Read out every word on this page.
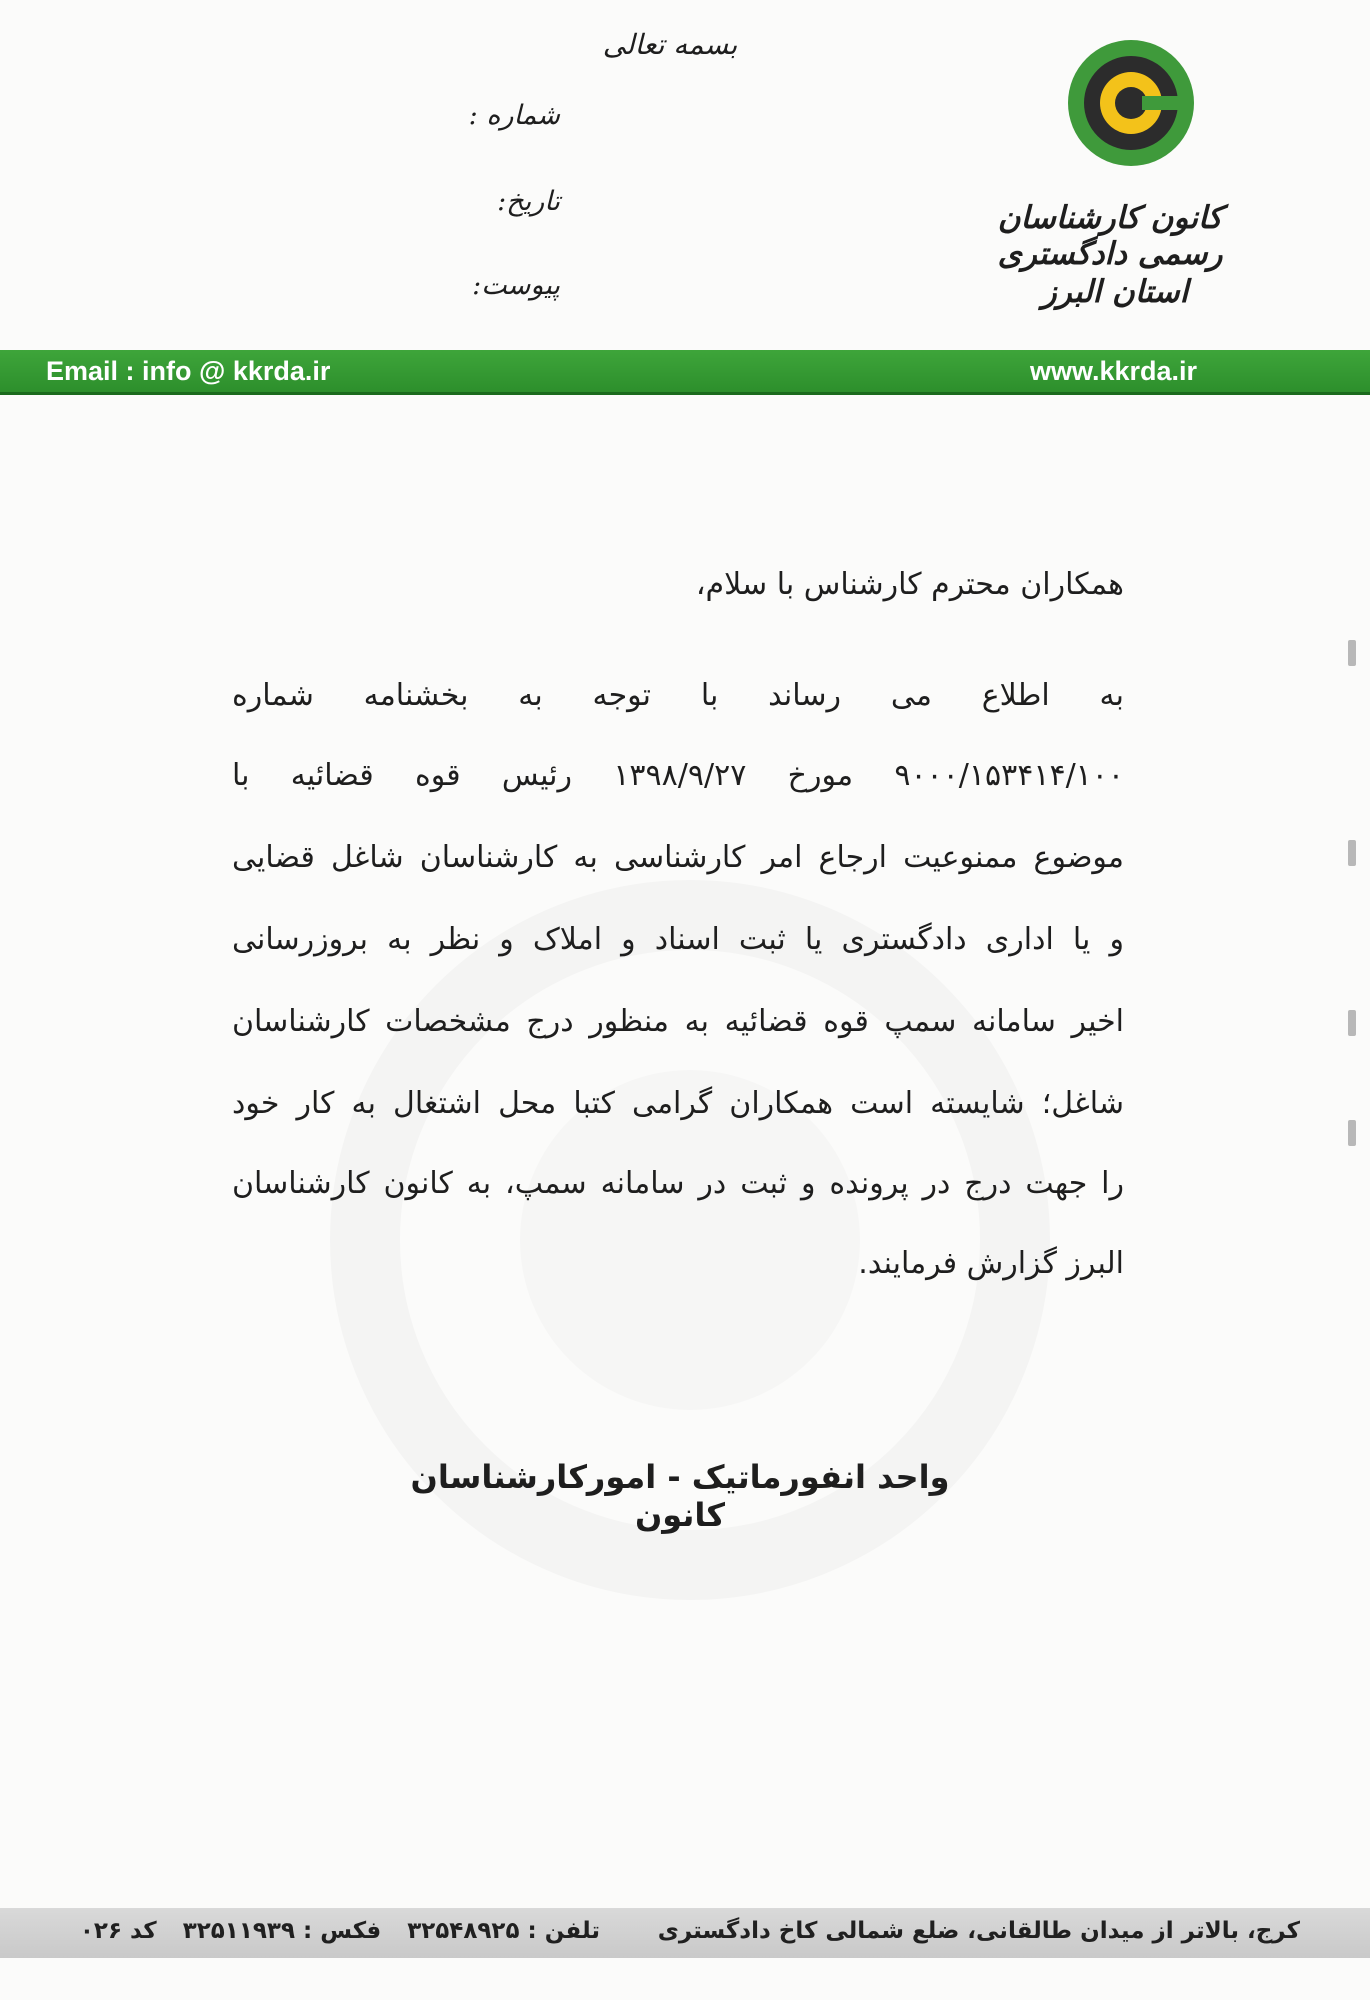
بسمه تعالی
شماره :
تاریخ:
پیوست:
کانون کارشناسان رسمی دادگستری
استان البرز
Email : info @ kkrda.ir	www.kkrda.ir
همکاران محترم کارشناس با سلام،
به اطلاع می رساند با توجه به بخشنامه شماره
۹۰۰۰/۱۵۳۴۱۴/۱۰۰ مورخ ۱۳۹۸/۹/۲۷ رئیس قوه قضائیه با
موضوع ممنوعیت ارجاع امر کارشناسی به کارشناسان شاغل قضایی
و یا اداری دادگستری یا ثبت اسناد و املاک و نظر به بروزرسانی
اخیر سامانه سمپ قوه قضائیه به منظور درج مشخصات کارشناسان
شاغل؛ شایسته است همکاران گرامی کتبا محل اشتغال به کار خود
را جهت درج در پرونده و ثبت در سامانه سمپ، به کانون کارشناسان
البرز گزارش فرمایند.
واحد انفورماتیک - امورکارشناسان کانون
کرج، بالاتر از میدان طالقانی، ضلع شمالی کاخ دادگستری
تلفن : ۳۲۵۴۸۹۲۵ فکس : ۳۲۵۱۱۹۳۹ کد ۰۲۶
